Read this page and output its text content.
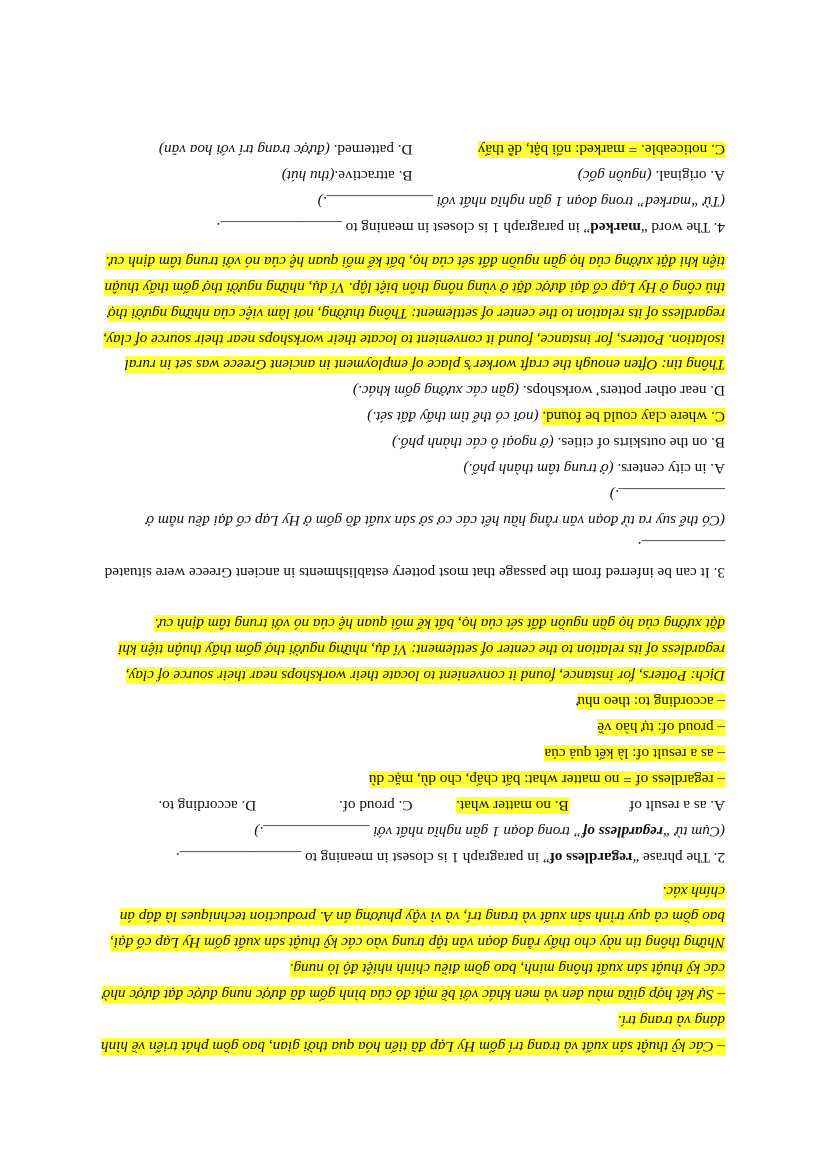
– Các kỹ thuật sản xuất và trang trí gốm Hy Lạp đã tiến hóa qua thời gian, bao gồm phát triển về hình dáng và trang trí.

– Sự kết hợp giữa màu đen và men khác với bề mặt đỏ của bình gốm đã được nung được đạt được nhờ các kỹ thuật sản xuất thông minh, bao gồm điều chỉnh nhiệt độ lò nung.

Những thông tin này cho thấy rằng đoạn văn tập trung vào các kỹ thuật sản xuất gốm Hy Lạp cổ đại, bao gồm cả quy trình sản xuất và trang trí, và vì vậy phương án A. production techniques là đáp án chính xác.

2. The phrase “regardless of” in paragraph 1 is closest in meaning to ________________.

(Cụm từ “regardless of” trong đoạn 1 gần nghĩa nhất với ______________.)

A. as a result of
B. no matter what.
C. proud of.
D. according to.

– regardless of = no matter what: bất chấp, cho dù, mặc dù

– as a result of: là kết quả của

– proud of: tự hào về

– according to: theo như

Dịch: Potters, for instance, found it convenient to locate their workshops near their source of clay, regardless of its relation to the center of settlement: Ví dụ, những người thợ gốm thấy thuận tiện khi đặt xưởng của họ gần nguồn đất sét của họ, bất kể mối quan hệ của nó với trung tâm định cư.

3. It can be inferred from the passage that most pottery establishments in ancient Greece were situated ___________.

(Có thể suy ra từ đoạn văn rằng hầu hết các cơ sở sản xuất đồ gốm ở Hy Lạp cổ đại đều nằm ở ______________.)

A. in city centers. (ở trung tâm thành phố.)

B. on the outskirts of cities. (ở ngoại ô các thành phố.)

C. where clay could be found. (nơi có thể tìm thấy đất sét.)

D. near other potters’ workshops. (gần các xưởng gốm khác.)

Thông tin: Often enough the craft worker’s place of employment in ancient Greece was set in rural isolation. Potters, for instance, found it convenient to locate their workshops near their source of clay, regardless of its relation to the center of settlement: Thông thường, nơi làm việc của những người thợ thủ công ở Hy Lạp cổ đại được đặt ở vùng nông thôn biệt lập. Ví dụ, những người thợ gốm thấy thuận tiện khi đặt xưởng của họ gần nguồn đất sét của họ, bất kể mối quan hệ của nó với trung tâm định cư.

4. The word “marked” in paragraph 1 is closest in meaning to ________________.

(Từ “marked” trong đoạn 1 gần nghĩa nhất với ______________.)

A. original. (nguồn gốc)
B. attractive.(thu hút)
C. noticeable. = marked: nổi bật, dễ thấy
D. patterned. (được trang trí với hoa văn)
